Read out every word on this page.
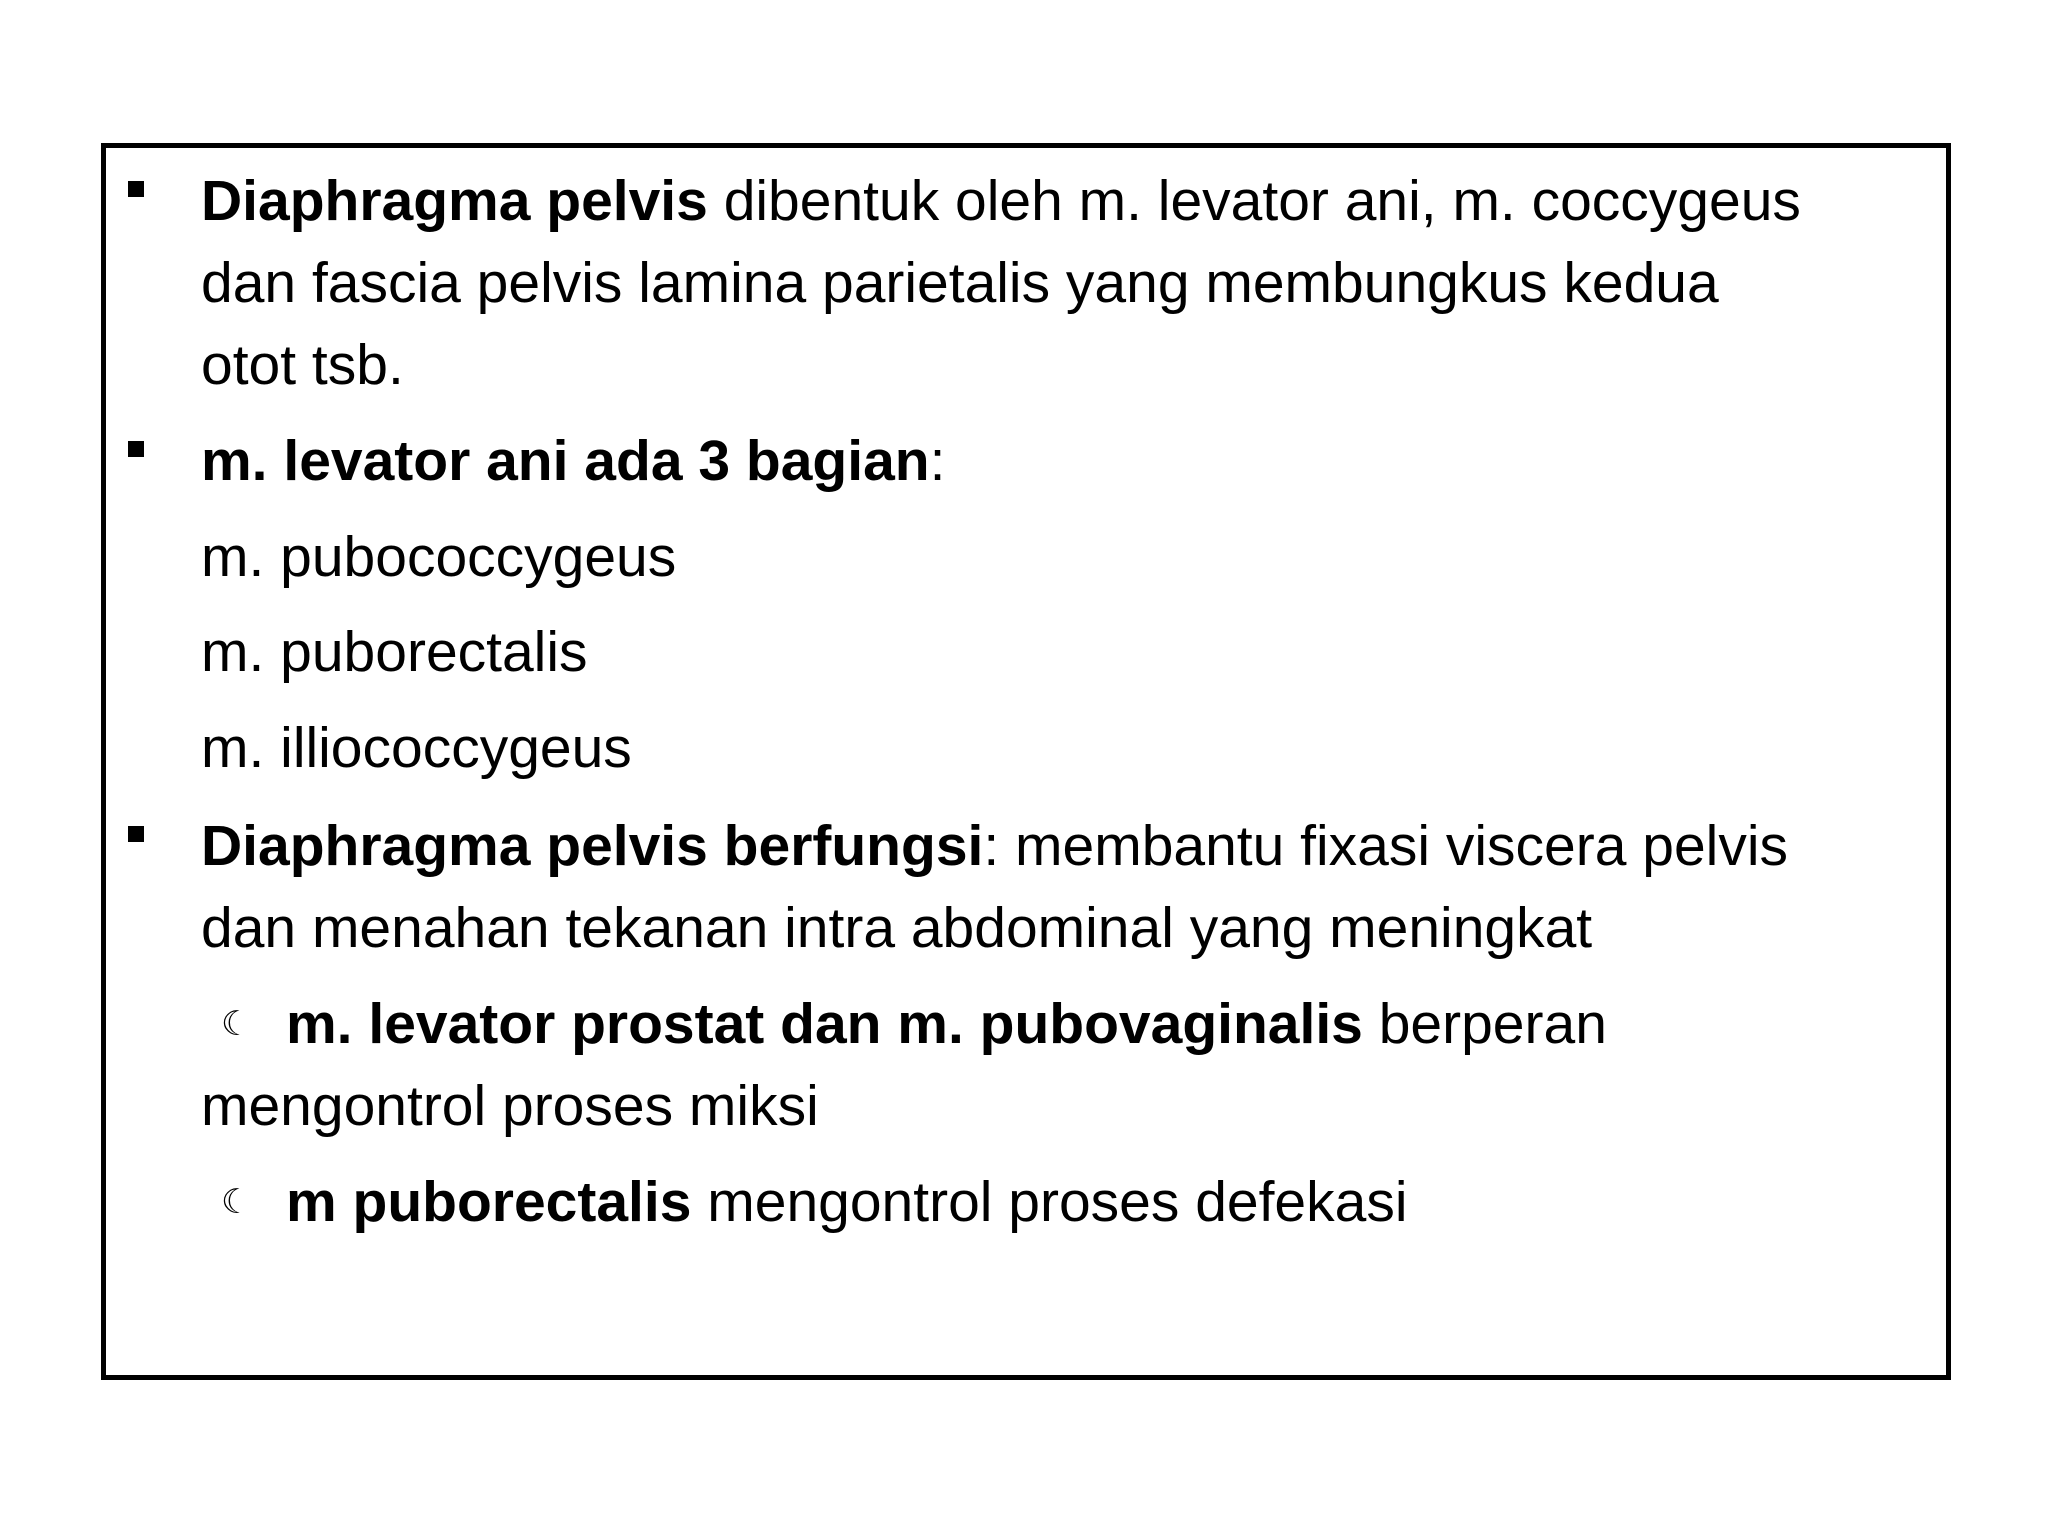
Diaphragma pelvis dibentuk oleh m. levator ani, m. coccygeus
dan fascia pelvis lamina parietalis yang membungkus kedua
otot tsb.
m. levator ani ada 3 bagian:
m. pubococcygeus
m. puborectalis
m. illiococcygeus
Diaphragma pelvis berfungsi: membantu fixasi viscera pelvis
dan menahan tekanan intra abdominal yang meningkat
☾ m. levator prostat dan m. pubovaginalis berperan
mengontrol proses miksi
☾ m puborectalis mengontrol proses defekasi
